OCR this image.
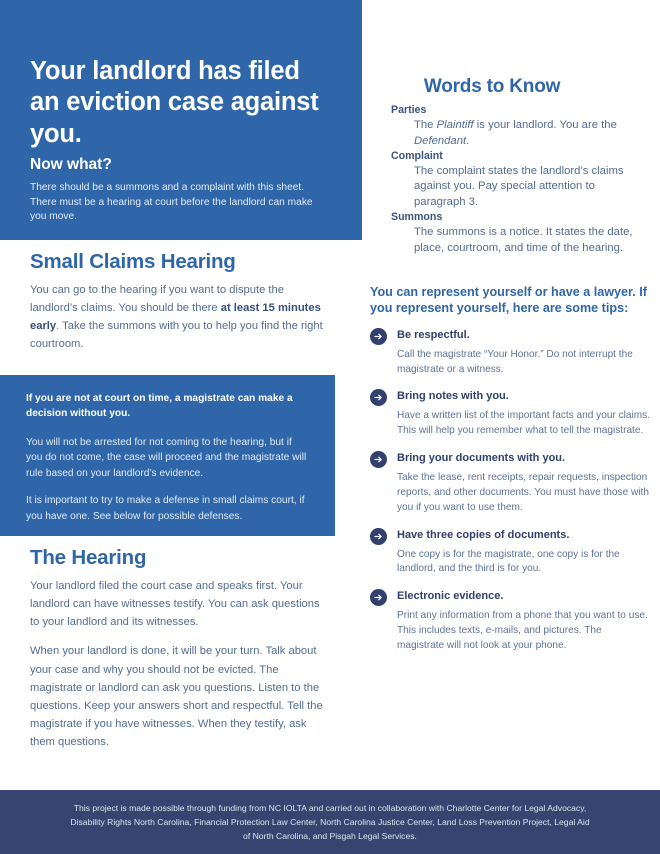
Your landlord has filed an eviction case against you.
Now what?

There should be a summons and a complaint with this sheet. There must be a hearing at court before the landlord can make you move.

Small Claims Hearing

You can go to the hearing if you want to dispute the landlord’s claims. You should be there at least 15 minutes early. Take the summons with you to help you find the right courtroom.

If you are not at court on time, a magistrate can make a decision without you.

You will not be arrested for not coming to the hearing, but if you do not come, the case will proceed and the magistrate will rule based on your landlord’s evidence.

It is important to try to make a defense in small claims court, if you have one. See below for possible defenses.

The Hearing

Your landlord filed the court case and speaks first. Your landlord can have witnesses testify. You can ask questions to your landlord and its witnesses.

When your landlord is done, it will be your turn. Talk about your case and why you should not be evicted. The magistrate or landlord can ask you questions. Listen to the questions. Keep your answers short and respectful. Tell the magistrate if you have witnesses. When they testify, ask them questions.

Words to Know

Parties

The Plaintiff is your landlord. You are the Defendant.

Complaint

The complaint states the landlord’s claims against you. Pay special attention to paragraph 3.

Summons

The summons is a notice. It states the date, place, courtroom, and time of the hearing.

You can represent yourself or have a lawyer. If you represent yourself, here are some tips:
Be respectful.

Call the magistrate “Your Honor.” Do not interrupt the magistrate or a witness.

Bring notes with you.

Have a written list of the important facts and your claims. This will help you remember what to tell the magistrate.

Bring your documents with you.

Take the lease, rent receipts, repair requests, inspection reports, and other documents. You must have those with you if you want to use them.

Have three copies of documents.

One copy is for the magistrate, one copy is for the landlord, and the third is for you.

Electronic evidence.

Print any information from a phone that you want to use. This includes texts, e-mails, and pictures. The magistrate will not look at your phone.

This project is made possible through funding from NC IOLTA and carried out in collaboration with Charlotte Center for Legal Advocacy, Disability Rights North Carolina, Financial Protection Law Center, North Carolina Justice Center, Land Loss Prevention Project, Legal Aid of North Carolina, and Pisgah Legal Services.
